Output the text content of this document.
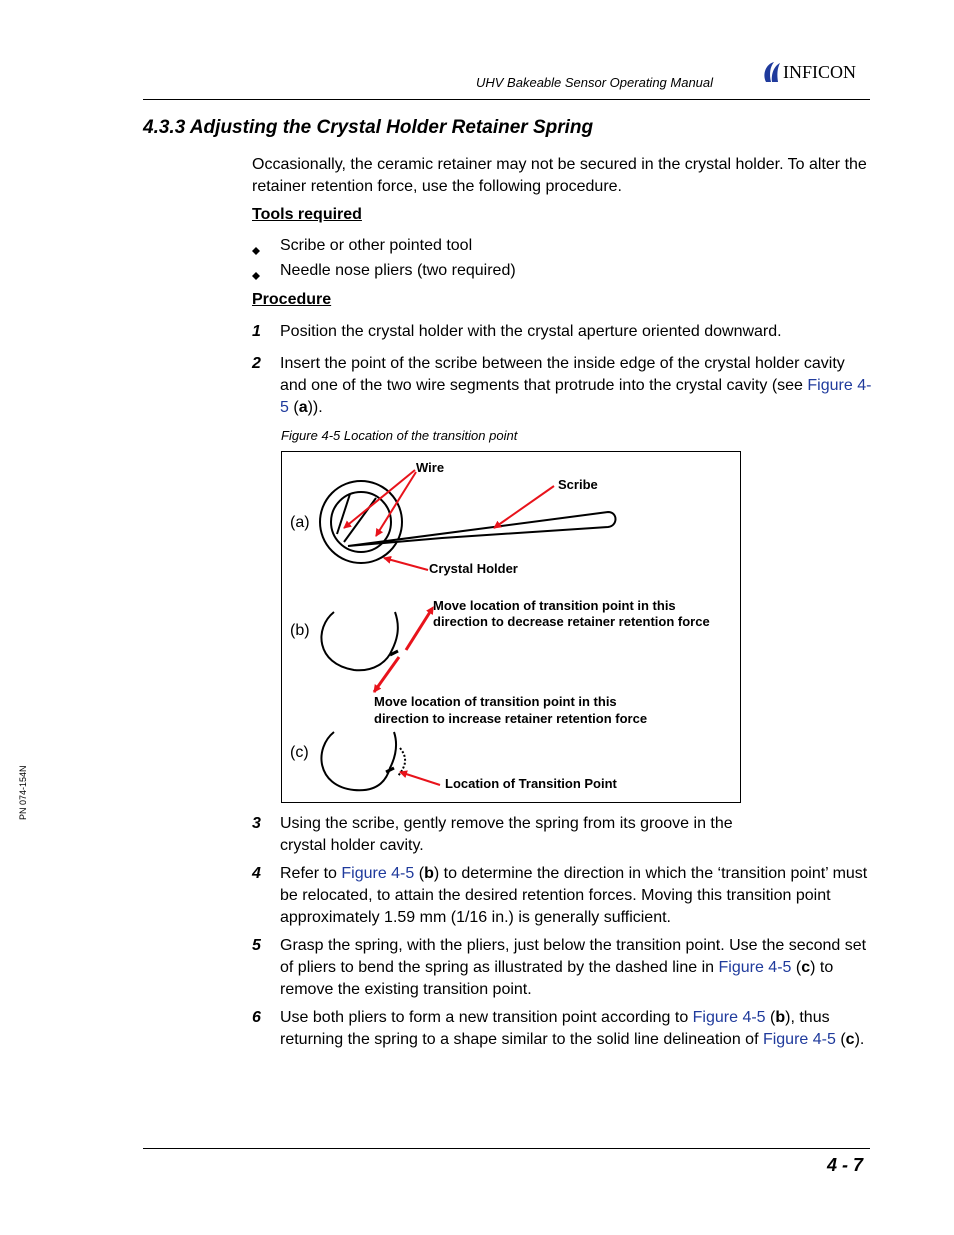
UHV Bakeable Sensor Operating Manual
INFICON
4.3.3 Adjusting the Crystal Holder Retainer Spring
Occasionally, the ceramic retainer may not be secured in the crystal holder. To alter the retainer retention force, use the following procedure.
Tools required
Scribe or other pointed tool
Needle nose pliers (two required)
Procedure
1	Position the crystal holder with the crystal aperture oriented downward.
2	Insert the point of the scribe between the inside edge of the crystal holder cavity and one of the two wire segments that protrude into the crystal cavity (see Figure 4-5 (a)).
Figure 4-5 Location of the transition point
Wire
Scribe
Crystal Holder
(a)
(b)
Move location of transition point in this
direction to decrease retainer retention force
Move location of transition point in this
direction to increase retainer retention force
(c)
Location of Transition Point
3	Using the scribe, gently remove the spring from its groove in the crystal holder cavity.
4	Refer to Figure 4-5 (b) to determine the direction in which the ‘transition point’ must be relocated, to attain the desired retention forces. Moving this transition point approximately 1.59 mm (1/16 in.) is generally sufficient.
5	Grasp the spring, with the pliers, just below the transition point. Use the second set of pliers to bend the spring as illustrated by the dashed line in Figure 4-5 (c) to remove the existing transition point.
6	Use both pliers to form a new transition point according to Figure 4-5 (b), thus returning the spring to a shape similar to the solid line delineation of Figure 4-5 (c).
PN 074-154N
4 - 7
